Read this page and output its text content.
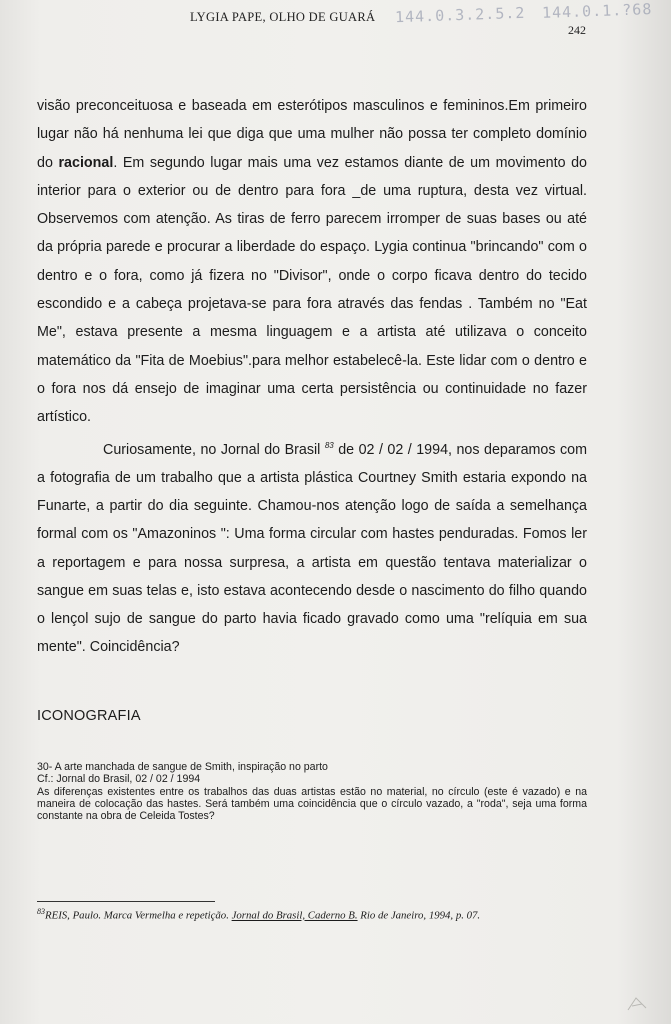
LYGIA PAPE, OLHO DE GUARÁ
242
144.0.3.2.5.2 144.0.1.?68

visão preconceituosa e baseada em esterótipos masculinos e femininos.Em primeiro lugar não há nenhuma lei que diga que uma mulher não possa ter completo domínio do racional. Em segundo lugar mais uma vez estamos diante de um movimento do interior para o exterior ou de dentro para fora _de uma ruptura, desta vez virtual. Observemos com atenção. As tiras de ferro parecem irromper de suas bases ou até da própria parede e procurar a liberdade do espaço. Lygia continua "brincando" com o dentro e o fora, como já fizera no "Divisor", onde o corpo ficava dentro do tecido escondido e a cabeça projetava-se para fora através das fendas . Também no "Eat Me", estava presente a mesma linguagem e a artista até utilizava o conceito matemático da "Fita de Moebius".para melhor estabelecê-la. Este lidar com o dentro e o fora nos dá ensejo de imaginar uma certa persistência ou continuidade no fazer artístico.

Curiosamente, no Jornal do Brasil $^{83}$ de 02 / 02 / 1994, nos deparamos com a fotografia de um trabalho que a artista plástica Courtney Smith estaria expondo na Funarte, a partir do dia seguinte. Chamou-nos atenção logo de saída a semelhança formal com os "Amazoninos ": Uma forma circular com hastes penduradas. Fomos ler a reportagem e para nossa surpresa, a artista em questão tentava materializar o sangue em suas telas e, isto estava acontecendo desde o nascimento do filho quando o lençol sujo de sangue do parto havia ficado gravado como uma "relíquia em sua mente". Coincidência?

ICONOGRAFIA

30- A arte manchada de sangue de Smith, inspiração no parto

Cf.: Jornal do Brasil, 02 / 02 / 1994

As diferenças existentes entre os trabalhos das duas artistas estão no material, no círculo (este é vazado) e na maneira de colocação das hastes. Será também uma coincidência que o círculo vazado, a "roda", seja uma forma constante na obra de Celeida Tostes?

$^{83}$REIS, Paulo. Marca Vermelha e repetição. Jornal do Brasil, Caderno B. Rio de Janeiro, 1994, p. 07.
